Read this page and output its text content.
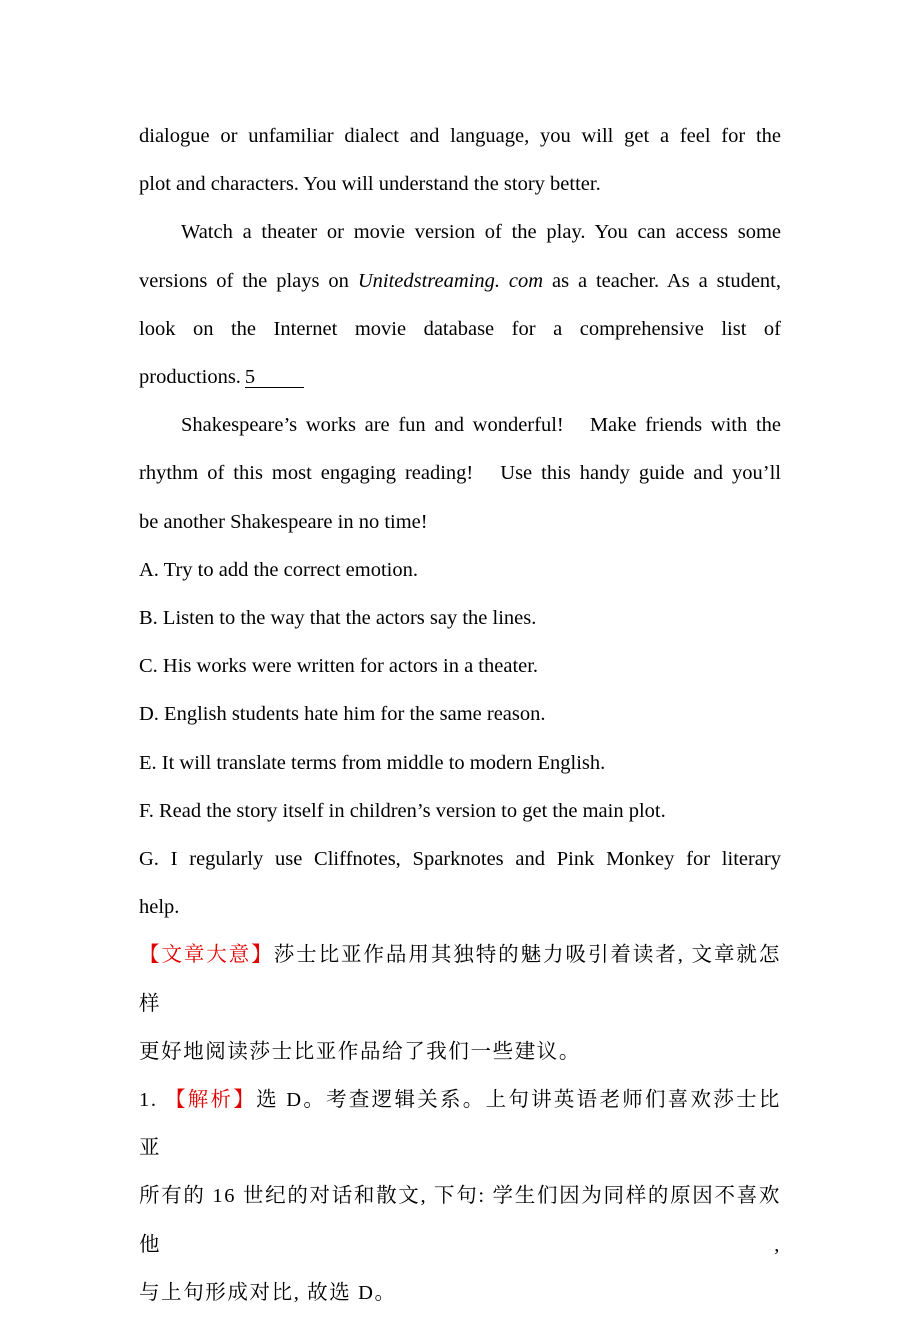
dialogue or unfamiliar dialect and language, you will get a feel for the

plot and characters. You will understand the story better.

Watch a theater or movie version of the play. You can access some

versions of the plays on Unitedstreaming. com as a teacher. As a student,

look on the Internet movie database for a comprehensive list of

productions. 5

Shakespeare’s works are fun and wonderful!   Make friends with the

rhythm of this most engaging reading!   Use this handy guide and you’ll

be another Shakespeare in no time!

A. Try to add the correct emotion.

B. Listen to the way that the actors say the lines.

C. His works were written for actors in a theater.

D. English students hate him for the same reason.

E. It will translate terms from middle to modern English.

F. Read the story itself in children’s version to get the main plot.

G. I regularly use Cliffnotes, Sparknotes and Pink Monkey for literary

help.

【文章大意】莎士比亚作品用其独特的魅力吸引着读者, 文章就怎样

更好地阅读莎士比亚作品给了我们一些建议。

1. 【解析】选 D。考查逻辑关系。上句讲英语老师们喜欢莎士比亚

所有的 16 世纪的对话和散文, 下句: 学生们因为同样的原因不喜欢他,

与上句形成对比, 故选 D。
